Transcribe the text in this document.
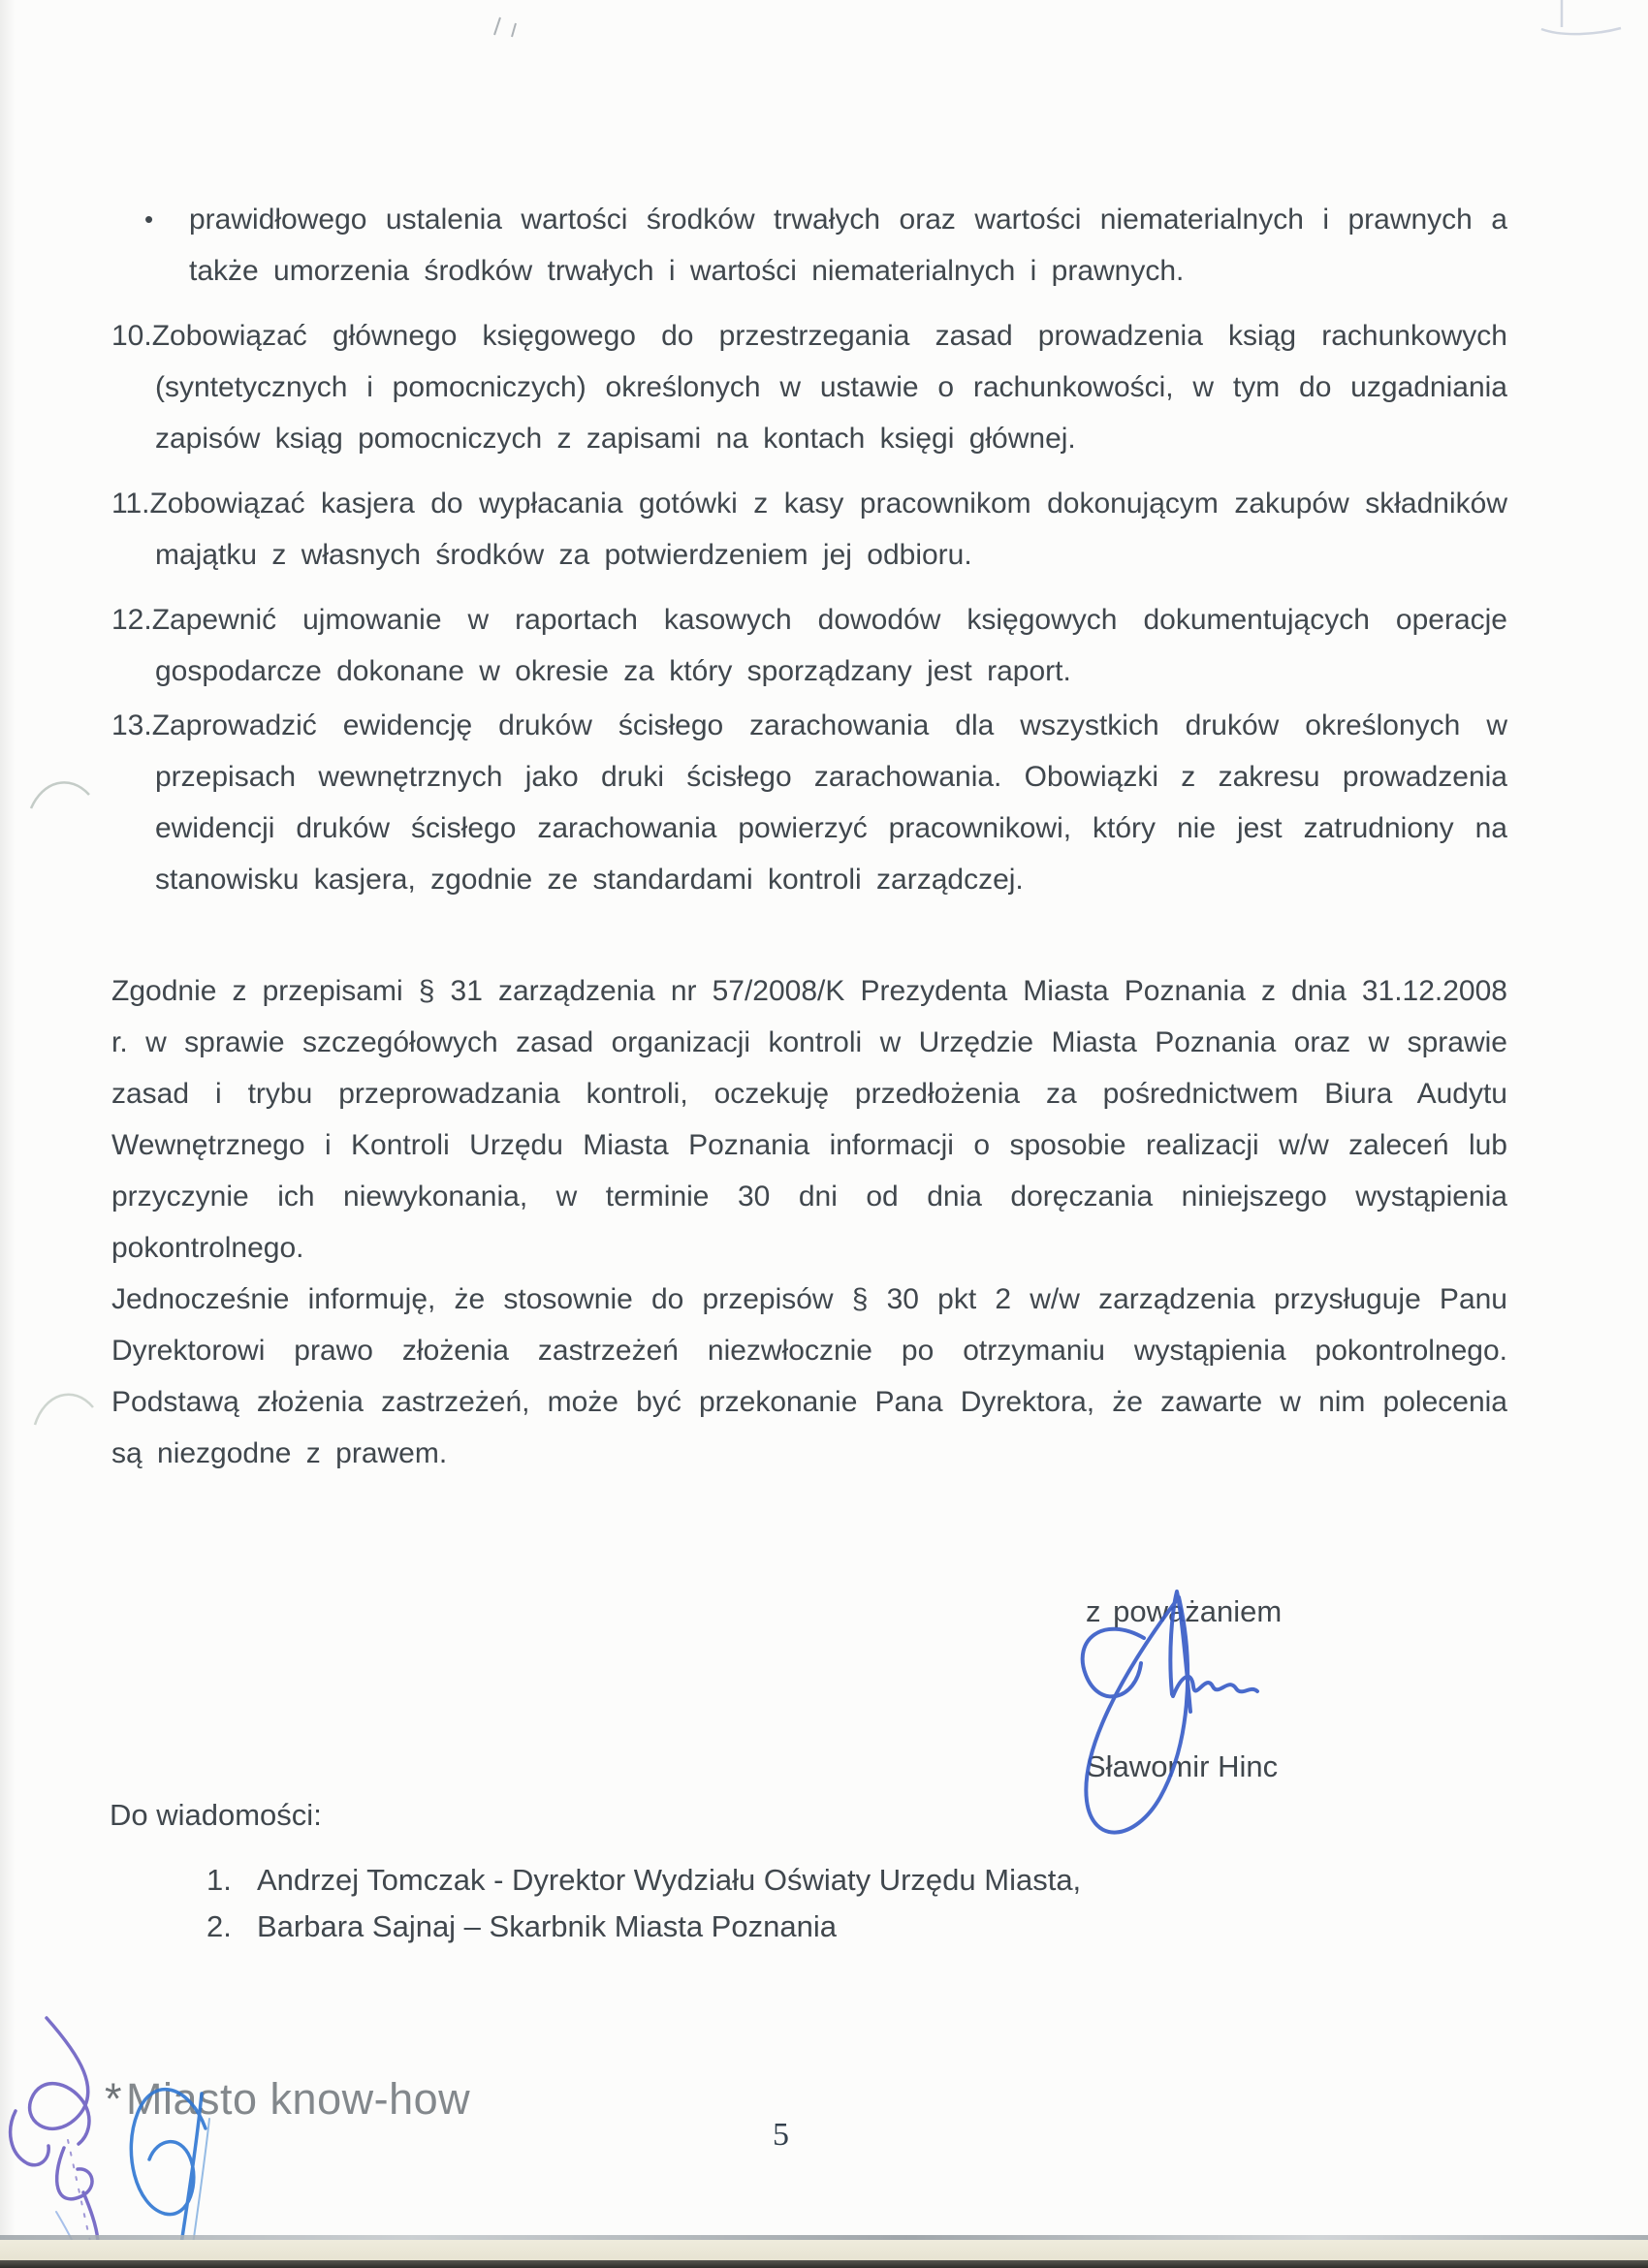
•	prawidłowego ustalenia wartości środków trwałych oraz wartości niematerialnych i prawnych a także umorzenia środków trwałych i wartości niematerialnych i prawnych.
10.Zobowiązać głównego księgowego do przestrzegania zasad prowadzenia ksiąg rachunkowych (syntetycznych i pomocniczych) określonych w ustawie o rachunkowości, w tym do uzgadniania zapisów ksiąg pomocniczych z zapisami na kontach księgi głównej.
11.Zobowiązać kasjera do wypłacania gotówki z kasy pracownikom dokonującym zakupów składników majątku z własnych środków za potwierdzeniem jej odbioru.
12.Zapewnić ujmowanie w raportach kasowych dowodów księgowych dokumentujących operacje gospodarcze dokonane w okresie za który sporządzany jest raport.
13.Zaprowadzić ewidencję druków ścisłego zarachowania dla wszystkich druków określonych w przepisach wewnętrznych jako druki ścisłego zarachowania. Obowiązki z zakresu prowadzenia ewidencji druków ścisłego zarachowania powierzyć pracownikowi, który nie jest zatrudniony na stanowisku kasjera, zgodnie ze standardami kontroli zarządczej.

Zgodnie z przepisami § 31 zarządzenia nr 57/2008/K Prezydenta Miasta Poznania z dnia 31.12.2008 r. w sprawie szczegółowych zasad organizacji kontroli w Urzędzie Miasta Poznania oraz w sprawie zasad i trybu przeprowadzania kontroli, oczekuję przedłożenia za pośrednictwem Biura Audytu Wewnętrznego i Kontroli Urzędu Miasta Poznania informacji o sposobie realizacji w/w zaleceń lub przyczynie ich niewykonania, w terminie 30 dni od dnia doręczania niniejszego wystąpienia pokontrolnego.

Jednocześnie informuję, że stosownie do przepisów § 30 pkt 2 w/w zarządzenia przysługuje Panu Dyrektorowi prawo złożenia zastrzeżeń niezwłocznie po otrzymaniu wystąpienia pokontrolnego. Podstawą złożenia zastrzeżeń, może być przekonanie Pana Dyrektora, że zawarte w nim polecenia są niezgodne z prawem.

z poważaniem
Sławomir Hinc
Do wiadomości:
1. Andrzej Tomczak - Dyrektor Wydziału Oświaty Urzędu Miasta,
2. Barbara Sajnaj – Skarbnik Miasta Poznania
*Miasto know-how
5
